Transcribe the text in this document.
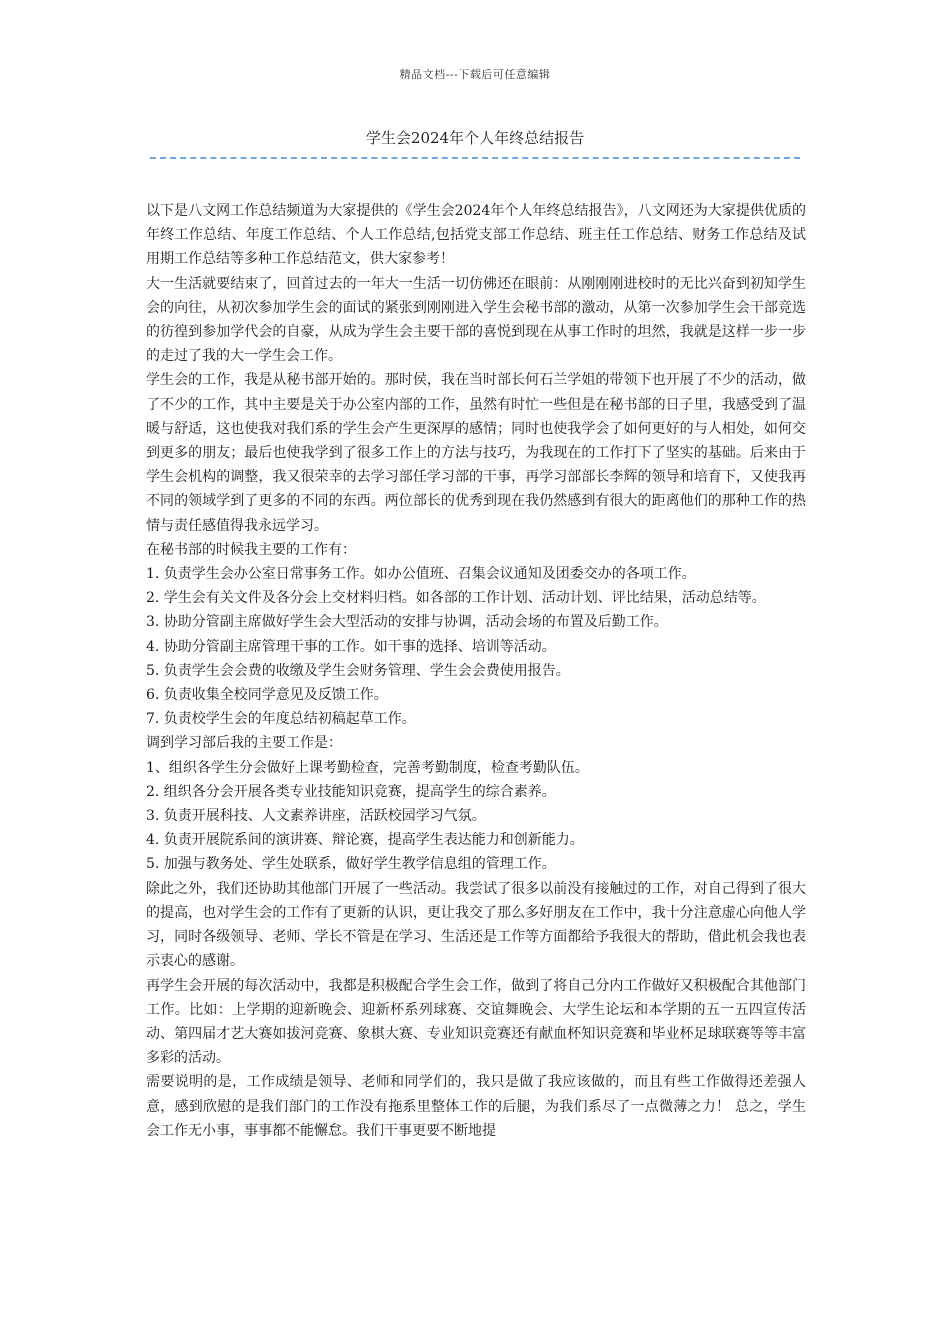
精品文档---下载后可任意编辑
学生会2024年个人年终总结报告

以下是八文网工作总结频道为大家提供的《学生会2024年个人年终总结报告》，八文网还为大家提供优质的年终工作总结、年度工作总结、个人工作总结,包括党支部工作总结、班主任工作总结、财务工作总结及试用期工作总结等多种工作总结范文，供大家参考！

大一生活就要结束了，回首过去的一年大一生活一切仿佛还在眼前：从刚刚刚进校时的无比兴奋到初知学生会的向往，从初次参加学生会的面试的紧张到刚刚进入学生会秘书部的激动，从第一次参加学生会干部竞选的彷徨到参加学代会的自豪，从成为学生会主要干部的喜悦到现在从事工作时的坦然，我就是这样一步一步的走过了我的大一学生会工作。

学生会的工作，我是从秘书部开始的。那时侯，我在当时部长何石兰学姐的带领下也开展了不少的活动，做了不少的工作，其中主要是关于办公室内部的工作，虽然有时忙一些但是在秘书部的日子里，我感受到了温暖与舒适，这也使我对我们系的学生会产生更深厚的感情；同时也使我学会了如何更好的与人相处，如何交到更多的朋友；最后也使我学到了很多工作上的方法与技巧，为我现在的工作打下了坚实的基础。后来由于学生会机构的调整，我又很荣幸的去学习部任学习部的干事，再学习部部长李辉的领导和培育下，又使我再不同的领域学到了更多的不同的东西。两位部长的优秀到现在我仍然感到有很大的距离他们的那种工作的热情与责任感值得我永远学习。

在秘书部的时候我主要的工作有：

1. 负责学生会办公室日常事务工作。如办公值班、召集会议通知及团委交办的各项工作。

2. 学生会有关文件及各分会上交材料归档。如各部的工作计划、活动计划、评比结果，活动总结等。

3. 协助分管副主席做好学生会大型活动的安排与协调，活动会场的布置及后勤工作。

4. 协助分管副主席管理干事的工作。如干事的选择、培训等活动。

5. 负责学生会会费的收缴及学生会财务管理、学生会会费使用报告。

6. 负责收集全校同学意见及反馈工作。

7. 负责校学生会的年度总结初稿起草工作。

调到学习部后我的主要工作是：

1、组织各学生分会做好上课考勤检查，完善考勤制度，检查考勤队伍。

2. 组织各分会开展各类专业技能知识竞赛，提高学生的综合素养。

3. 负责开展科技、人文素养讲座，活跃校园学习气氛。

4. 负责开展院系间的演讲赛、辩论赛，提高学生表达能力和创新能力。

5. 加强与教务处、学生处联系，做好学生教学信息组的管理工作。

除此之外，我们还协助其他部门开展了一些活动。我尝试了很多以前没有接触过的工作，对自己得到了很大的提高，也对学生会的工作有了更新的认识，更让我交了那么多好朋友在工作中，我十分注意虚心向他人学习，同时各级领导、老师、学长不管是在学习、生活还是工作等方面都给予我很大的帮助，借此机会我也表示衷心的感谢。

再学生会开展的每次活动中，我都是积极配合学生会工作，做到了将自己分内工作做好又积极配合其他部门工作。比如：上学期的迎新晚会、迎新杯系列球赛、交谊舞晚会、大学生论坛和本学期的五一五四宣传活动、第四届才艺大赛如拔河竞赛、象棋大赛、专业知识竞赛还有献血杯知识竞赛和毕业杯足球联赛等等丰富多彩的活动。

需要说明的是，工作成绩是领导、老师和同学们的，我只是做了我应该做的，而且有些工作做得还差强人意，感到欣慰的是我们部门的工作没有拖系里整体工作的后腿，为我们系尽了一点微薄之力！ 总之，学生会工作无小事，事事都不能懈怠。我们干事更要不断地提
